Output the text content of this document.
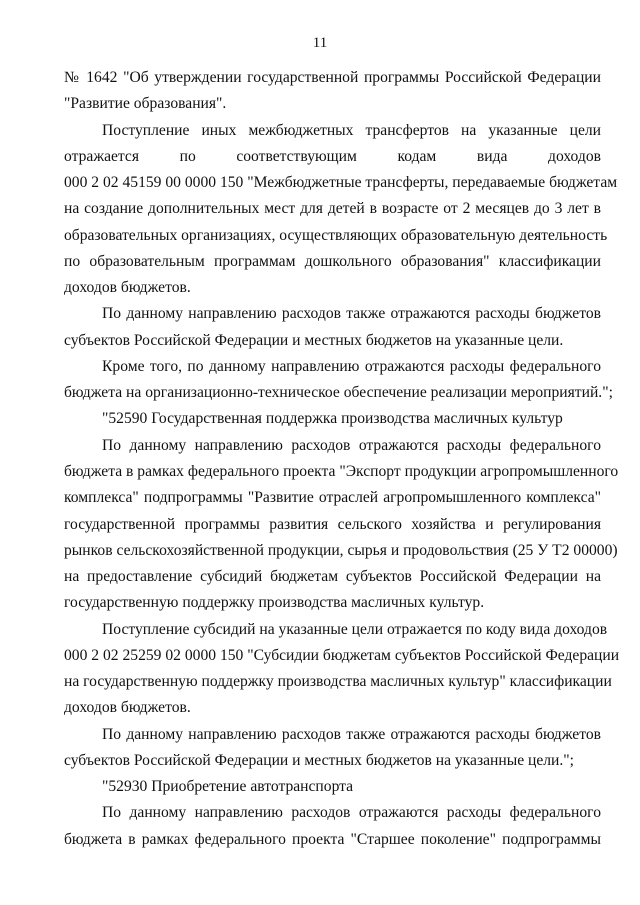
11
№ 1642 "Об утверждении государственной программы Российской Федерации
"Развитие образования".
Поступление иных межбюджетных трансфертов на указанные цели
отражается по соответствующим кодам вида доходов
000 2 02 45159 00 0000 150 "Межбюджетные трансферты, передаваемые бюджетам
на создание дополнительных мест для детей в возрасте от 2 месяцев до 3 лет в
образовательных организациях, осуществляющих образовательную деятельность
по образовательным программам дошкольного образования" классификации
доходов бюджетов.
По данному направлению расходов также отражаются расходы бюджетов
субъектов Российской Федерации и местных бюджетов на указанные цели.
Кроме того, по данному направлению отражаются расходы федерального
бюджета на организационно-техническое обеспечение реализации мероприятий.";
"52590 Государственная поддержка производства масличных культур
По данному направлению расходов отражаются расходы федерального
бюджета в рамках федерального проекта "Экспорт продукции агропромышленного
комплекса" подпрограммы "Развитие отраслей агропромышленного комплекса"
государственной программы развития сельского хозяйства и регулирования
рынков сельскохозяйственной продукции, сырья и продовольствия (25 У Т2 00000)
на предоставление субсидий бюджетам субъектов Российской Федерации на
государственную поддержку производства масличных культур.
Поступление субсидий на указанные цели отражается по коду вида доходов
000 2 02 25259 02 0000 150 "Субсидии бюджетам субъектов Российской Федерации
на государственную поддержку производства масличных культур" классификации
доходов бюджетов.
По данному направлению расходов также отражаются расходы бюджетов
субъектов Российской Федерации и местных бюджетов на указанные цели.";
"52930 Приобретение автотранспорта
По данному направлению расходов отражаются расходы федерального
бюджета в рамках федерального проекта "Старшее поколение" подпрограммы
